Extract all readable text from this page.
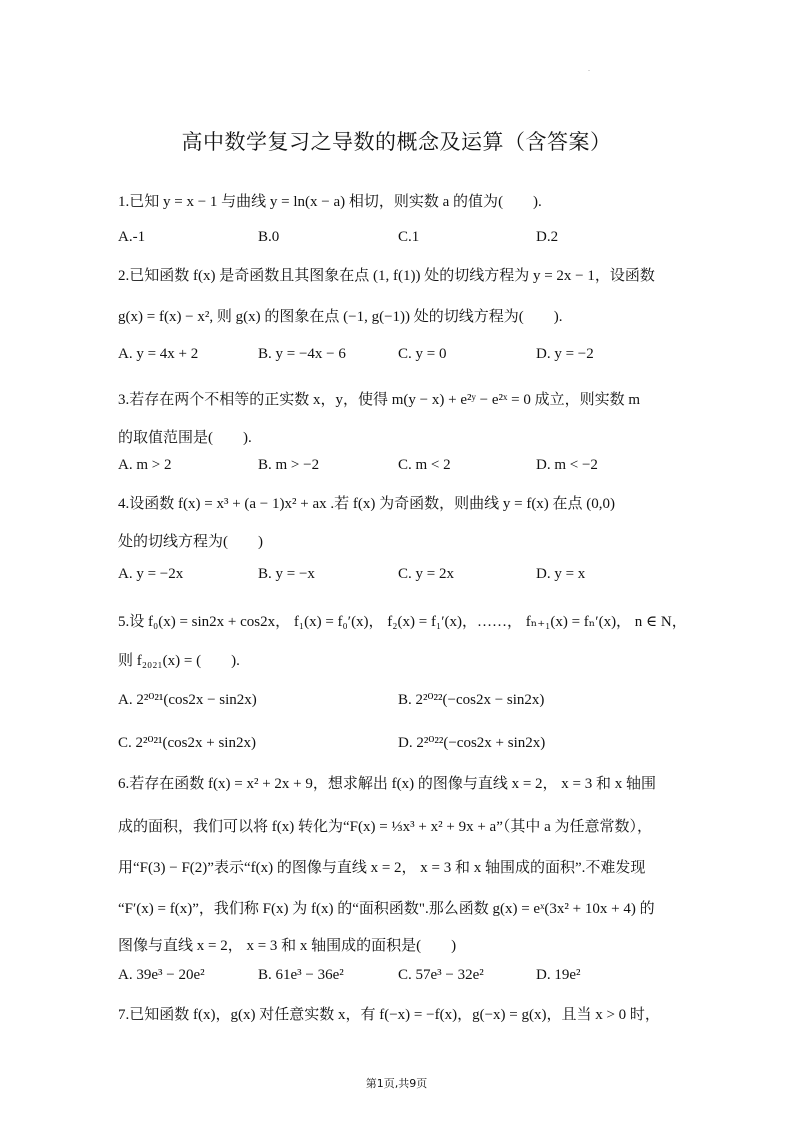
.
高中数学复习之导数的概念及运算（含答案）
1.已知 y = x − 1 与曲线 y = ln(x − a) 相切，则实数 a 的值为(　　).
A.-1	B.0	C.1	D.2
2.已知函数 f(x) 是奇函数且其图象在点 (1, f(1)) 处的切线方程为 y = 2x − 1，设函数
g(x) = f(x) − x², 则 g(x) 的图象在点 (−1, g(−1)) 处的切线方程为(　　).
A. y = 4x + 2	B. y = −4x − 6	C. y = 0	D. y = −2
3.若存在两个不相等的正实数 x，y，使得 m(y − x) + e²ʸ − e²ˣ = 0 成立，则实数 m
的取值范围是(　　).
A. m > 2	B. m > −2	C. m < 2	D. m < −2
4.设函数 f(x) = x³ + (a − 1)x² + ax .若 f(x) 为奇函数，则曲线 y = f(x) 在点 (0,0)
处的切线方程为(　　)
A. y = −2x	B. y = −x	C. y = 2x	D. y = x
5.设 f₀(x) = sin2x + cos2x， f₁(x) = f₀′(x)， f₂(x) = f₁′(x)，……， fₙ₊₁(x) = fₙ′(x)， n ∈ N，
则 f₂₀₂₁(x) = (　　).
A. 2²⁰²¹(cos2x − sin2x)	B. 2²⁰²²(−cos2x − sin2x)
C. 2²⁰²¹(cos2x + sin2x)	D. 2²⁰²²(−cos2x + sin2x)
6.若存在函数 f(x) = x² + 2x + 9，想求解出 f(x) 的图像与直线 x = 2， x = 3 和 x 轴围
成的面积，我们可以将 f(x) 转化为“F(x) = ⅓x³ + x² + 9x + a”（其中 a 为任意常数），
用“F(3) − F(2)”表示“f(x) 的图像与直线 x = 2， x = 3 和 x 轴围成的面积”.不难发现
“F′(x) = f(x)”，我们称 F(x) 为 f(x) 的“面积函数".那么函数 g(x) = eˣ(3x² + 10x + 4) 的
图像与直线 x = 2， x = 3 和 x 轴围成的面积是(　　)
A. 39e³ − 20e²	B. 61e³ − 36e²	C. 57e³ − 32e²	D. 19e²
7.已知函数 f(x)，g(x) 对任意实数 x，有 f(−x) = −f(x)，g(−x) = g(x)，且当 x > 0 时，
第1页,共9页
